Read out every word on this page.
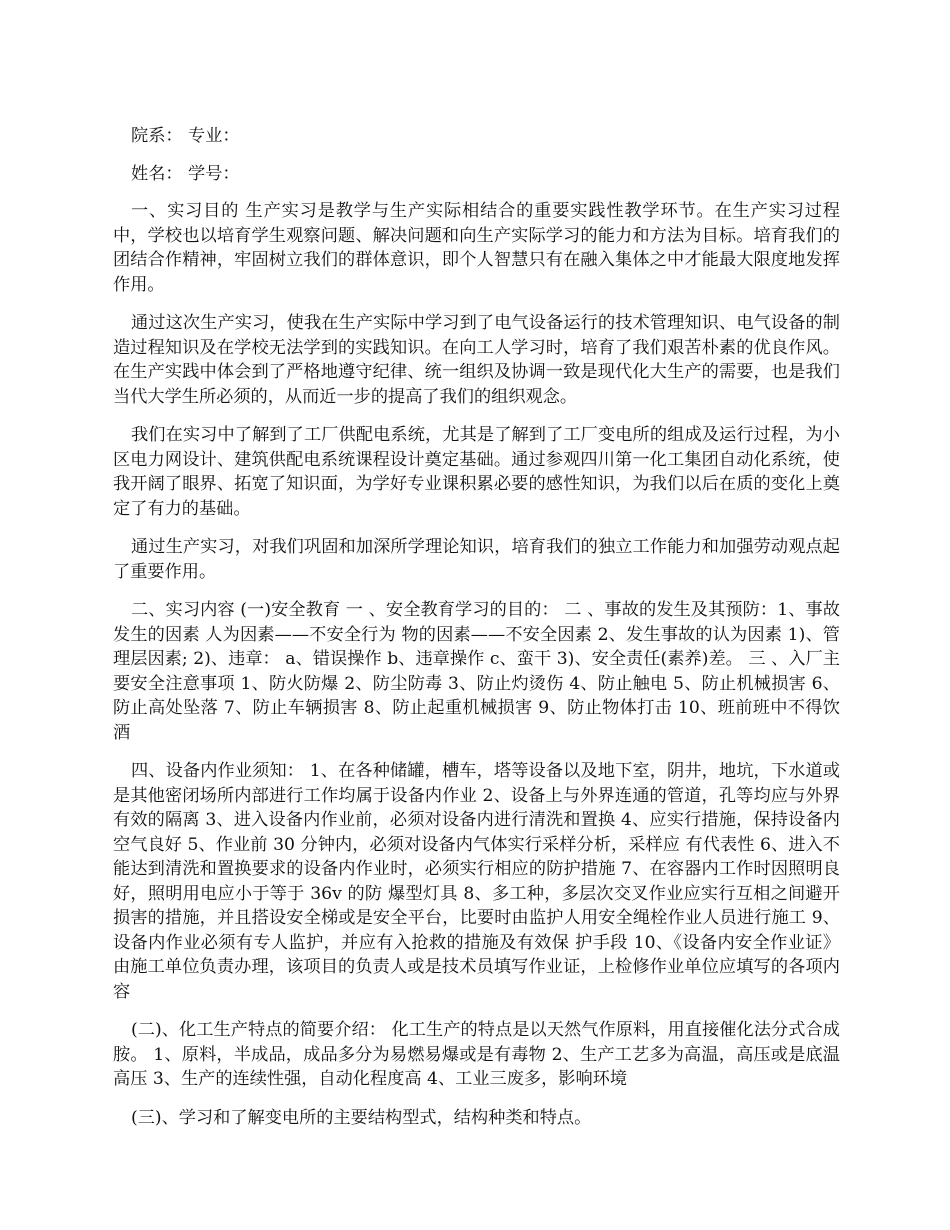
院系： 专业：

姓名： 学号：

一、实习目的 生产实习是教学与生产实际相结合的重要实践性教学环节。在生产实习过程中，学校也以培育学生观察问题、解决问题和向生产实际学习的能力和方法为目标。培育我们的团结合作精神，牢固树立我们的群体意识，即个人智慧只有在融入集体之中才能最大限度地发挥作用。

通过这次生产实习，使我在生产实际中学习到了电气设备运行的技术管理知识、电气设备的制造过程知识及在学校无法学到的实践知识。在向工人学习时，培育了我们艰苦朴素的优良作风。在生产实践中体会到了严格地遵守纪律、统一组织及协调一致是现代化大生产的需要，也是我们当代大学生所必须的，从而近一步的提高了我们的组织观念。

我们在实习中了解到了工厂供配电系统，尤其是了解到了工厂变电所的组成及运行过程，为小区电力网设计、建筑供配电系统课程设计奠定基础。通过参观四川第一化工集团自动化系统，使我开阔了眼界、拓宽了知识面，为学好专业课积累必要的感性知识，为我们以后在质的变化上奠定了有力的基础。

通过生产实习，对我们巩固和加深所学理论知识，培育我们的独立工作能力和加强劳动观点起了重要作用。

二、实习内容 (一)安全教育 一 、安全教育学习的目的： 二 、事故的发生及其预防：1、事故发生的因素 人为因素——不安全行为 物的因素——不安全因素 2、发生事故的认为因素 1)、管理层因素; 2)、违章： a、错误操作 b、违章操作 c、蛮干 3)、安全责任(素养)差。 三 、入厂主要安全注意事项 1、防火防爆 2、防尘防毒 3、防止灼烫伤 4、防止触电 5、防止机械损害 6、防止高处坠落 7、防止车辆损害 8、防止起重机械损害 9、防止物体打击 10、班前班中不得饮酒

四、设备内作业须知： 1、在各种储罐，槽车，塔等设备以及地下室，阴井，地坑，下水道或是其他密闭场所内部进行工作均属于设备内作业 2、设备上与外界连通的管道，孔等均应与外界有效的隔离 3、进入设备内作业前，必须对设备内进行清洗和置换 4、应实行措施，保持设备内空气良好 5、作业前 30 分钟内，必须对设备内气体实行采样分析，采样应 有代表性 6、进入不能达到清洗和置换要求的设备内作业时，必须实行相应的防护措施 7、在容器内工作时因照明良好，照明用电应小于等于 36v 的防 爆型灯具 8、多工种，多层次交叉作业应实行互相之间避开损害的措施，并且搭设安全梯或是安全平台，比要时由监护人用安全绳栓作业人员进行施工 9、设备内作业必须有专人监护，并应有入抢救的措施及有效保 护手段 10、《设备内安全作业证》由施工单位负责办理，该项目的负责人或是技术员填写作业证，上检修作业单位应填写的各项内容

(二)、化工生产特点的简要介绍： 化工生产的特点是以天然气作原料，用直接催化法分式合成胺。 1、原料，半成品，成品多分为易燃易爆或是有毒物 2、生产工艺多为高温，高压或是底温高压 3、生产的连续性强，自动化程度高 4、工业三废多，影响环境

(三)、学习和了解变电所的主要结构型式，结构种类和特点。
